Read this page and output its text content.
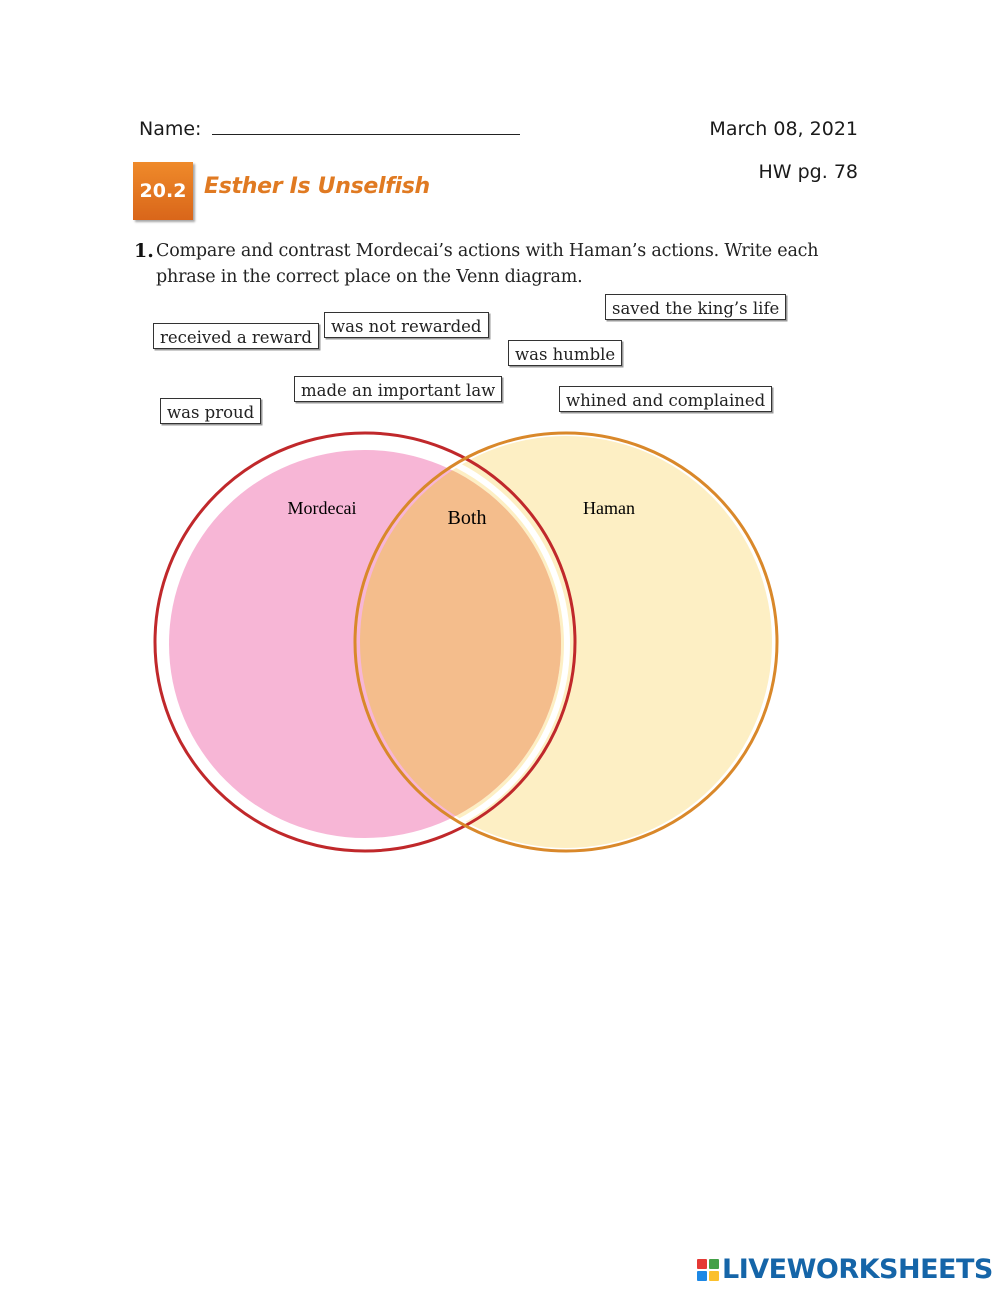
Name:	March 08, 2021
HW pg. 78
20.2 Esther Is Unselfish
1. Compare and contrast Mordecai’s actions with Haman’s actions. Write each
phrase in the correct place on the Venn diagram.
received a reward
was not rewarded
saved the king’s life
was humble
was proud
made an important law
whined and complained
Mordecai	Both	Haman
LIVEWORKSHEETS
